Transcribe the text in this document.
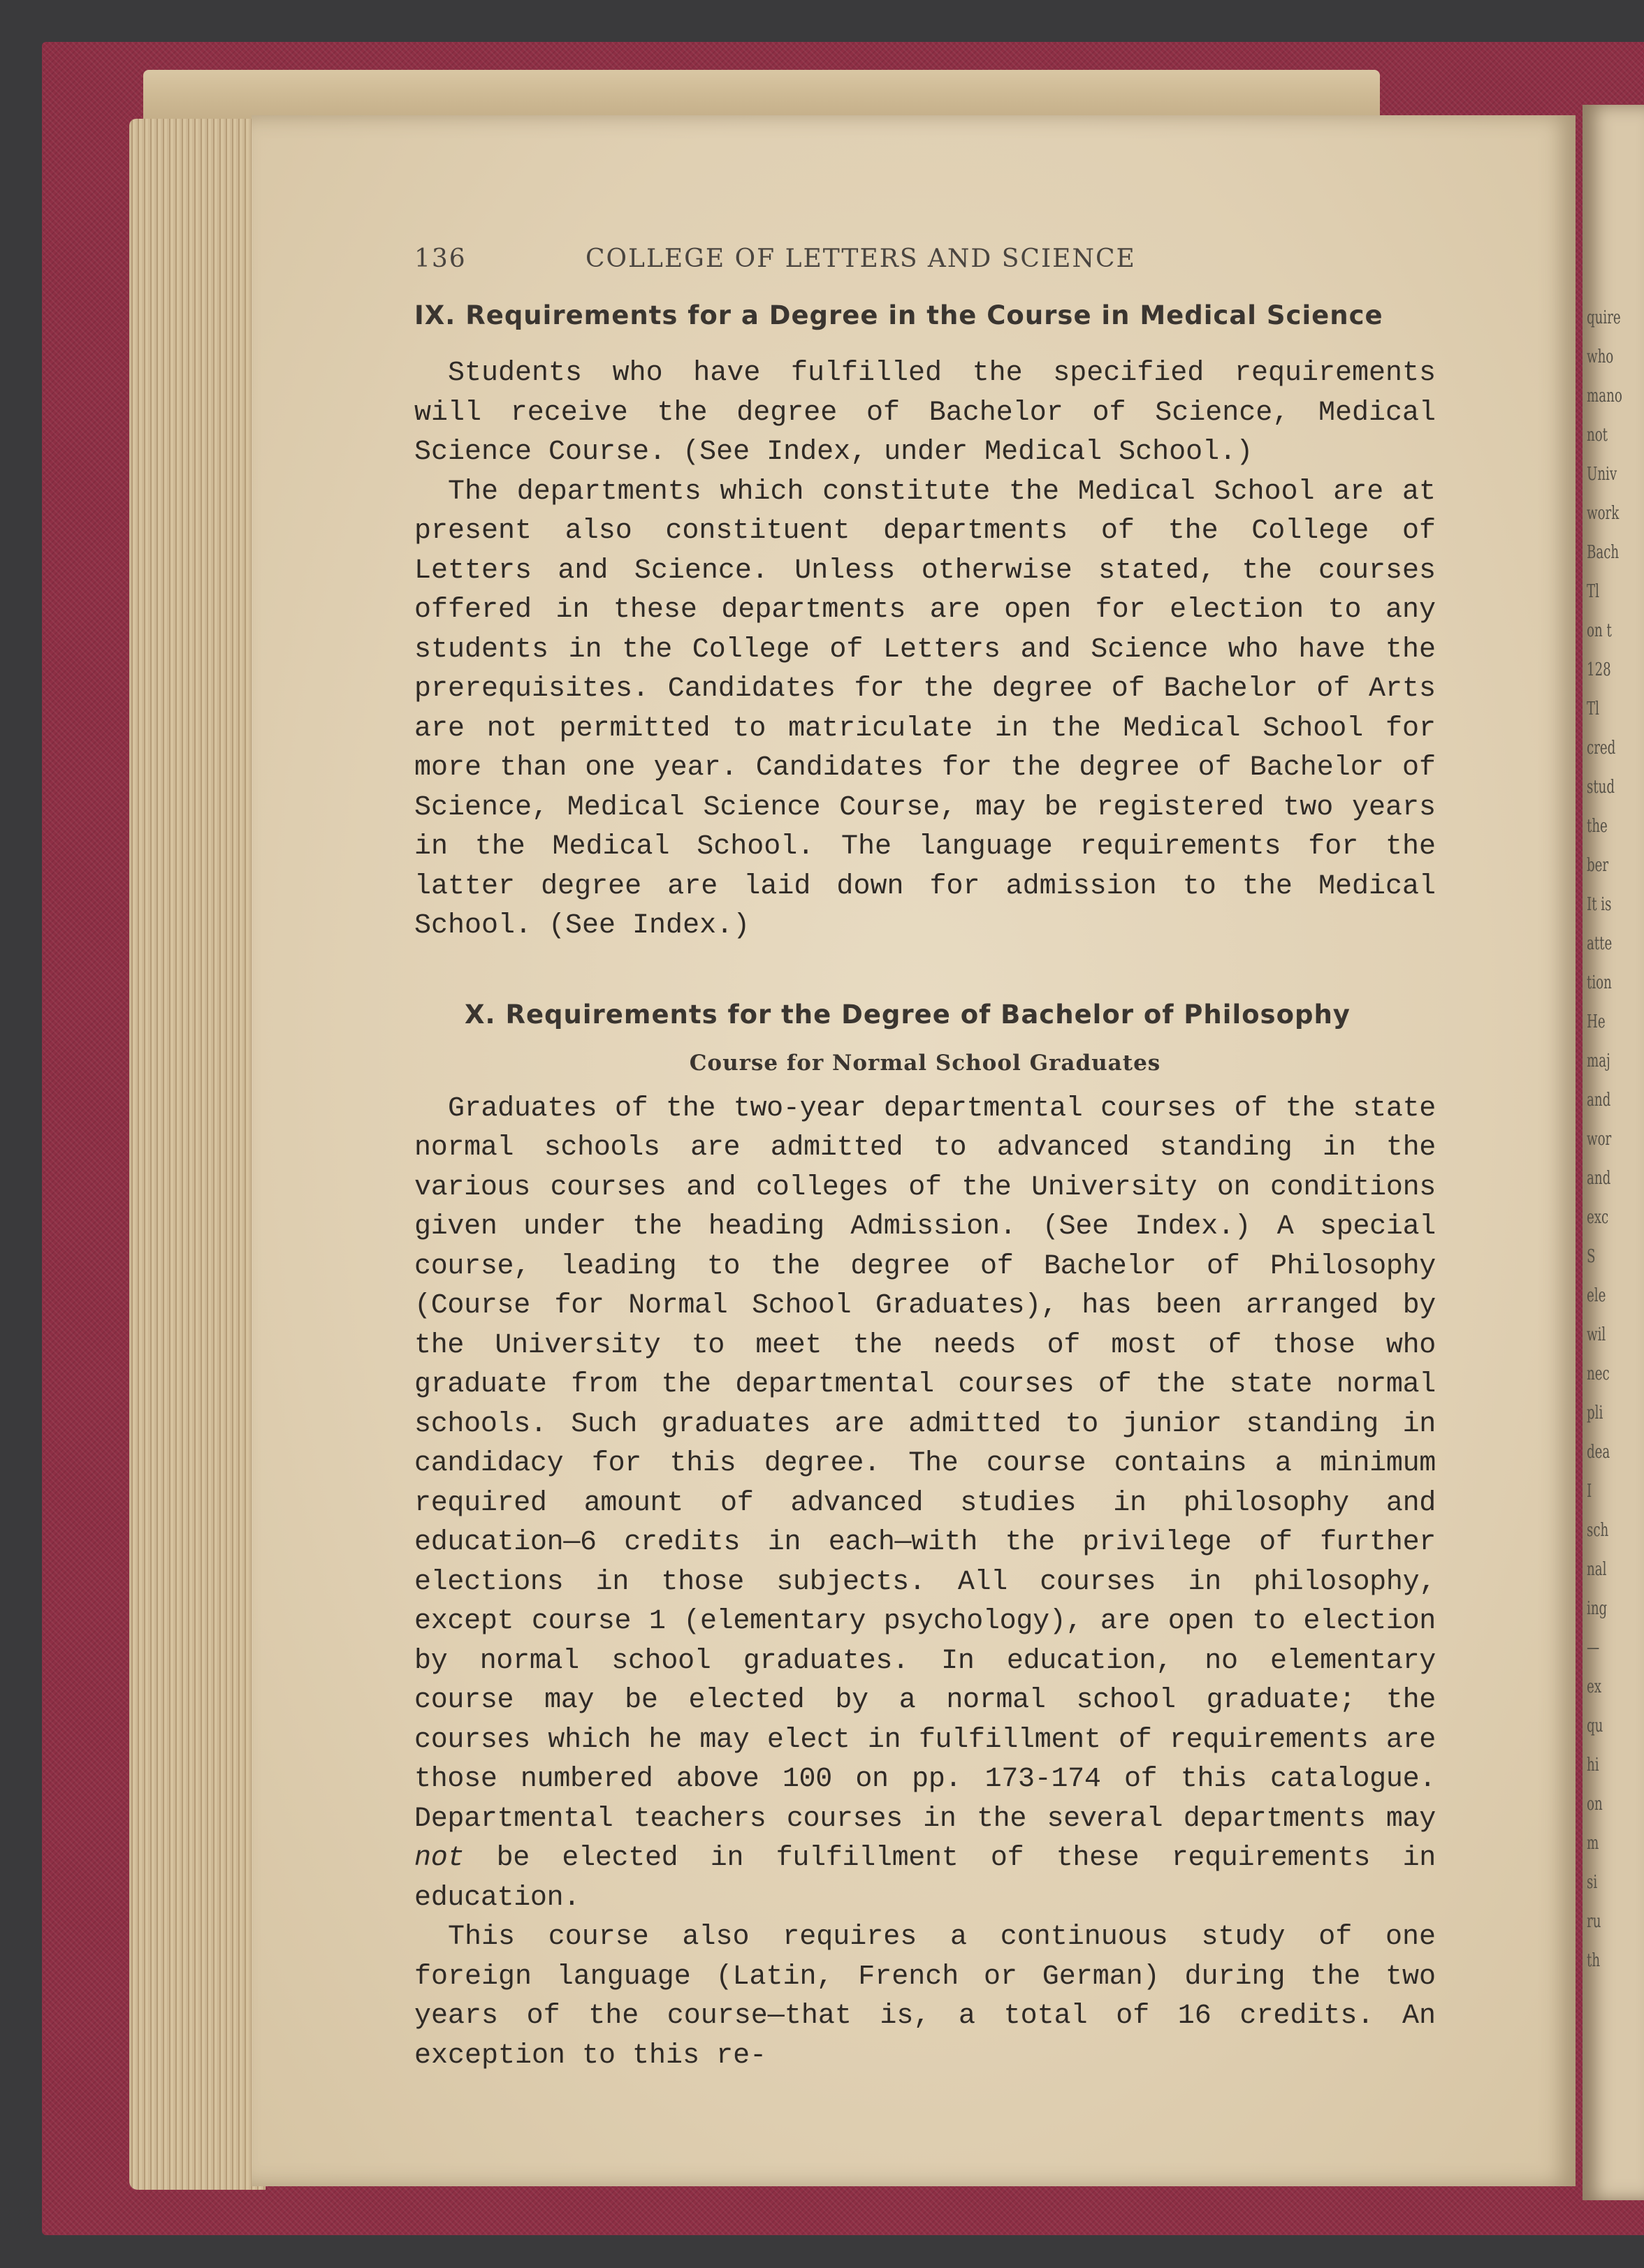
quire
who
mano
not
Univ
work
Bach
Tl
on t
128
Tl
cred
stud
the
ber
It is
atte
tion
He
maj
and
wor
and
exc
S
ele
wil
nec
pli
dea
I
sch
nal
ing
—
ex
qu
hi
on
m
si
ru
th
136	COLLEGE OF LETTERS AND SCIENCE
IX. Requirements for a Degree in the Course in Medical Science

Students who have fulfilled the specified requirements will receive the degree of Bachelor of Science, Medical Science Course. (See Index, under Medical School.)

The departments which constitute the Medical School are at present also constituent departments of the College of Letters and Science. Unless otherwise stated, the courses offered in these departments are open for election to any students in the College of Letters and Science who have the prerequisites. Candidates for the degree of Bachelor of Arts are not permitted to matriculate in the Medical School for more than one year. Candidates for the degree of Bachelor of Science, Medical Science Course, may be registered two years in the Medical School. The language requirements for the latter degree are laid down for admission to the Medical School. (See Index.)

X. Requirements for the Degree of Bachelor of Philosophy
Course for Normal School Graduates

Graduates of the two-year departmental courses of the state normal schools are admitted to advanced standing in the various courses and colleges of the University on conditions given under the heading Admission. (See Index.) A special course, leading to the degree of Bachelor of Philosophy (Course for Normal School Graduates), has been arranged by the University to meet the needs of most of those who graduate from the departmental courses of the state normal schools. Such graduates are admitted to junior standing in candidacy for this degree. The course contains a minimum required amount of advanced studies in philosophy and education—6 credits in each—with the privilege of further elections in those subjects. All courses in philosophy, except course 1 (elementary psychology), are open to election by normal school graduates. In education, no elementary course may be elected by a normal school graduate; the courses which he may elect in fulfillment of requirements are those numbered above 100 on pp. 173-174 of this catalogue. Departmental teachers courses in the several departments may not be elected in fulfillment of these requirements in education.

This course also requires a continuous study of one foreign language (Latin, French or German) during the two years of the course—that is, a total of 16 credits. An exception to this re-
